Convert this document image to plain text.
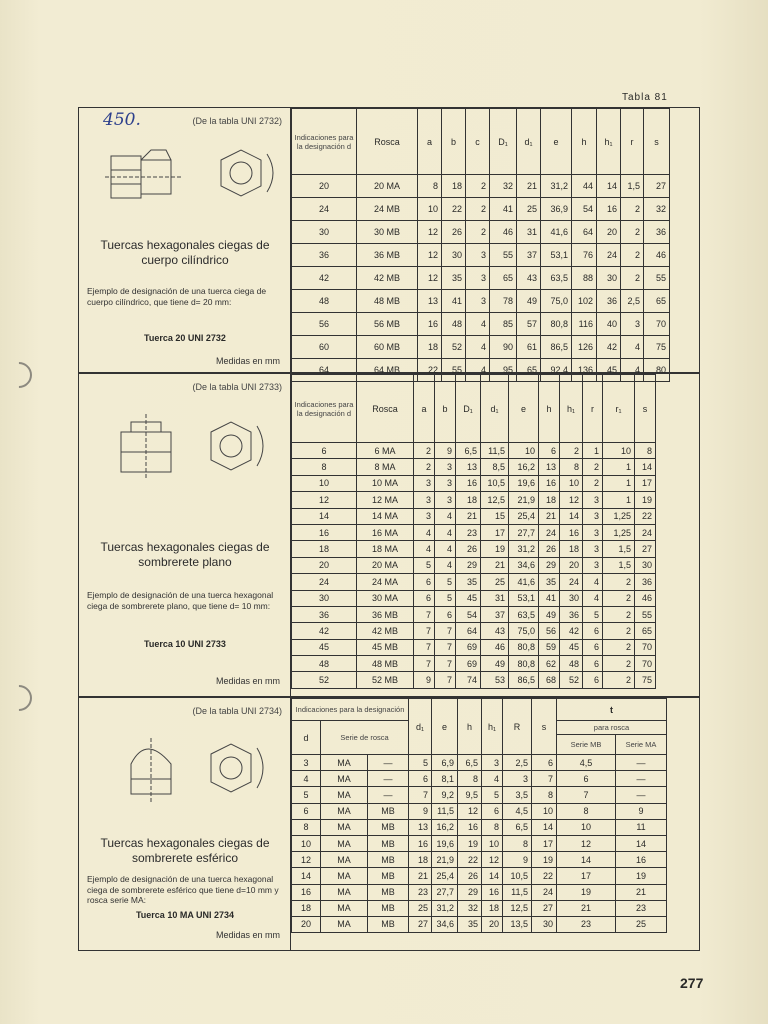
Tabla 81
450.	(De la tabla UNI 2732)
Tuercas hexagonales ciegas de cuerpo cilíndrico
Ejemplo de designación de una tuerca ciega de cuerpo cilíndrico, que tiene d= 20 mm:
Tuerca 20 UNI 2732
Medidas en mm
Indicaciones para la designación d	Rosca	a	b	c	D₁	d₁	e	h	h₁	r	s
20	20 MA	8	18	2	32	21	31,2	44	14	1,5	27
24	24 MB	10	22	2	41	25	36,9	54	16	2	32
30	30 MB	12	26	2	46	31	41,6	64	20	2	36
36	36 MB	12	30	3	55	37	53,1	76	24	2	46
42	42 MB	12	35	3	65	43	63,5	88	30	2	55
48	48 MB	13	41	3	78	49	75,0	102	36	2,5	65
56	56 MB	16	48	4	85	57	80,8	116	40	3	70
60	60 MB	18	52	4	90	61	86,5	126	42	4	75
64	64 MB	22	55	4	95	65	92,4	136	45	4	80
(De la tabla UNI 2733)
Tuercas hexagonales ciegas de sombrerete plano
Ejemplo de designación de una tuerca hexagonal ciega de sombrerete plano, que tiene d= 10 mm:
Tuerca 10 UNI 2733
Medidas en mm
Indicaciones para la designación d	Rosca	a	b	D₁	d₁	e	h	h₁	r	r₁	s
6	6 MA	2	9	6,5	11,5	10	6	2	1	10	8
8	8 MA	2	3	13	8,5	16,2	13	8	2	1	14
10	10 MA	3	3	16	10,5	19,6	16	10	2	1	17
12	12 MA	3	3	18	12,5	21,9	18	12	3	1	19
14	14 MA	3	4	21	15	25,4	21	14	3	1,25	22
16	16 MA	4	4	23	17	27,7	24	16	3	1,25	24
18	18 MA	4	4	26	19	31,2	26	18	3	1,5	27
20	20 MA	5	4	29	21	34,6	29	20	3	1,5	30
24	24 MA	6	5	35	25	41,6	35	24	4	2	36
30	30 MA	6	5	45	31	53,1	41	30	4	2	46
36	36 MB	7	6	54	37	63,5	49	36	5	2	55
42	42 MB	7	7	64	43	75,0	56	42	6	2	65
45	45 MB	7	7	69	46	80,8	59	45	6	2	70
48	48 MB	7	7	69	49	80,8	62	48	6	2	70
52	52 MB	9	7	74	53	86,5	68	52	6	2	75
(De la tabla UNI 2734)
Tuercas hexagonales ciegas de sombrerete esférico
Ejemplo de designación de una tuerca hexagonal ciega de sombrerete esférico que tiene d=10 mm y rosca serie MA:
Tuerca 10 MA UNI 2734
Medidas en mm
Indicaciones para la designación			d₁	e	h	h₁	R	s	t	
d	Serie de rosca								para rosca	
									Serie MB	Serie MA
3	MA	—	5	6,9	6,5	3	2,5	6	4,5	—
4	MA	—	6	8,1	8	4	3	7	6	—
5	MA	—	7	9,2	9,5	5	3,5	8	7	—
6	MA	MB	9	11,5	12	6	4,5	10	8	9
8	MA	MB	13	16,2	16	8	6,5	14	10	11
10	MA	MB	16	19,6	19	10	8	17	12	14
12	MA	MB	18	21,9	22	12	9	19	14	16
14	MA	MB	21	25,4	26	14	10,5	22	17	19
16	MA	MB	23	27,7	29	16	11,5	24	19	21
18	MA	MB	25	31,2	32	18	12,5	27	21	23
20	MA	MB	27	34,6	35	20	13,5	30	23	25
277
